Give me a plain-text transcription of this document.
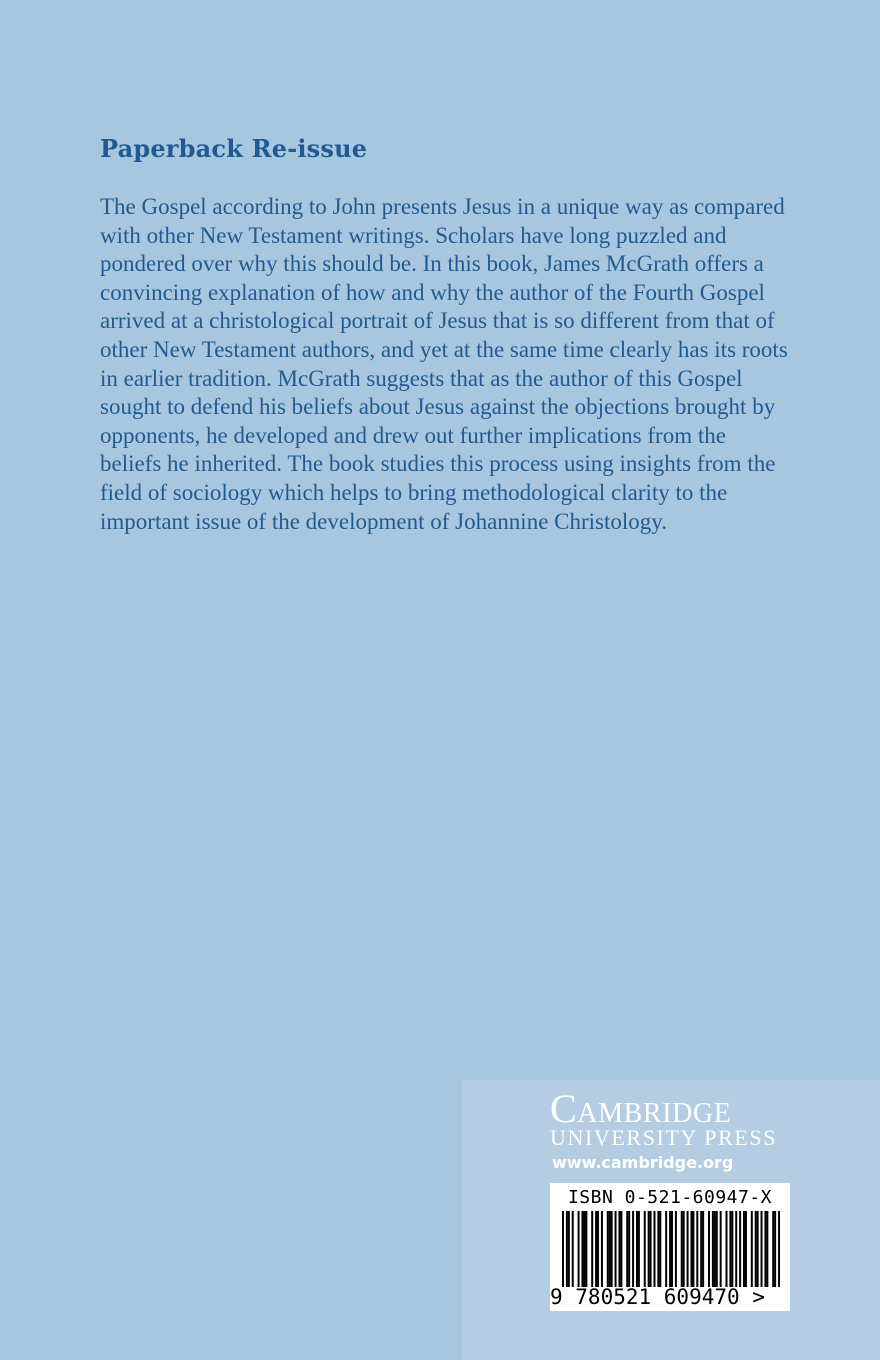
Paperback Re-issue

The Gospel according to John presents Jesus in a unique way as compared with other New Testament writings. Scholars have long puzzled and pondered over why this should be. In this book, James McGrath offers a convincing explanation of how and why the author of the Fourth Gospel arrived at a christological portrait of Jesus that is so different from that of other New Testament authors, and yet at the same time clearly has its roots in earlier tradition. McGrath suggests that as the author of this Gospel sought to defend his beliefs about Jesus against the objections brought by opponents, he developed and drew out further implications from the beliefs he inherited. The book studies this process using insights from the field of sociology which helps to bring methodological clarity to the important issue of the development of Johannine Christology.

Cambridge
UNIVERSITY PRESS
www.cambridge.org
ISBN 0-521-60947-X
9 780521 609470 >
